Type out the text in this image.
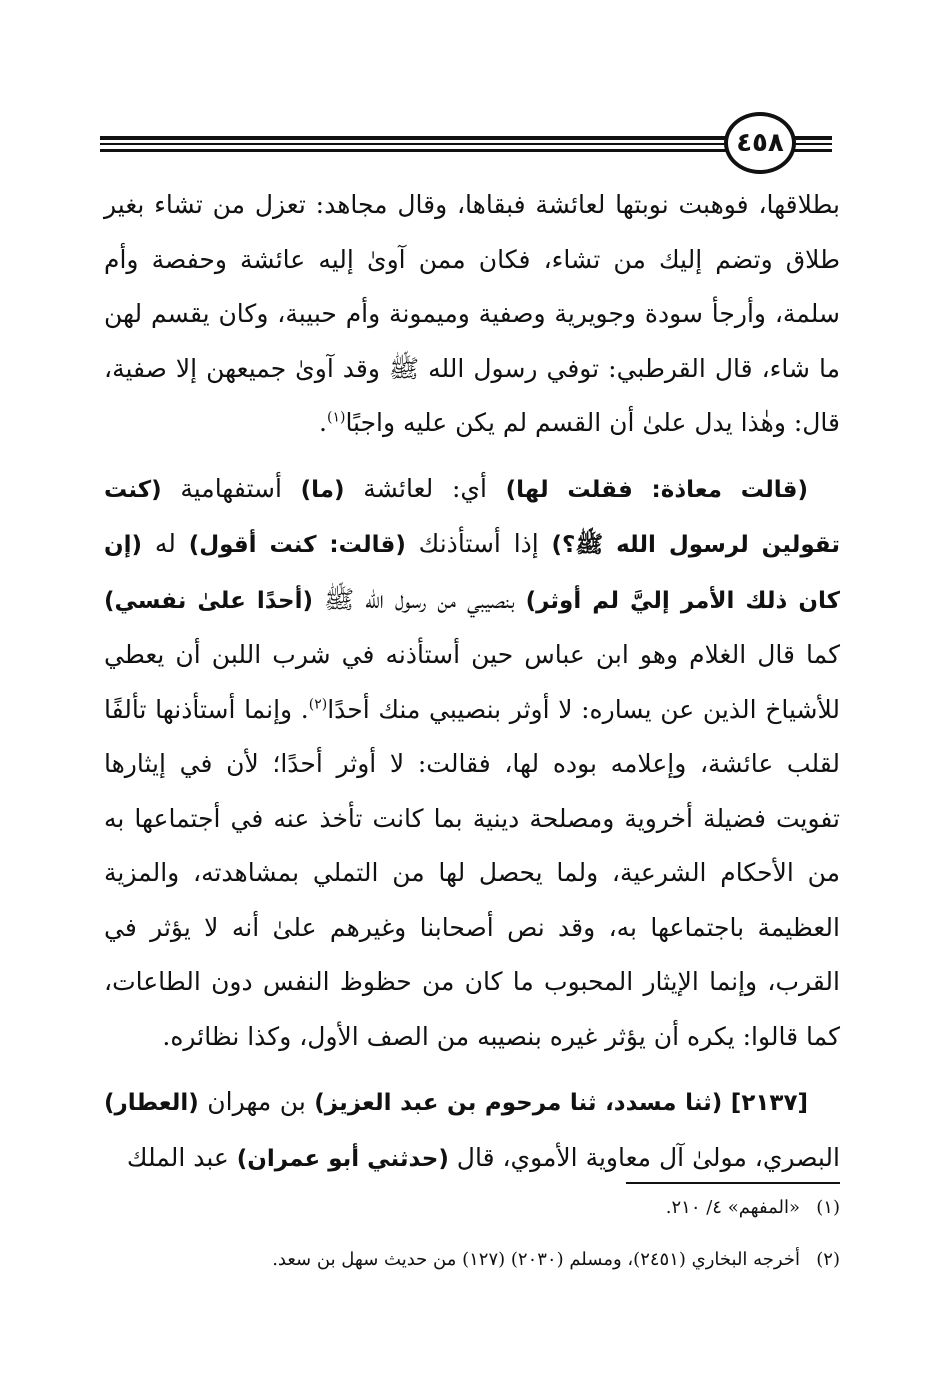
٤٥٨

بطلاقها، فوهبت نوبتها لعائشة فبقاها، وقال مجاهد: تعزل من تشاء بغير طلاق وتضم إليك من تشاء، فكان ممن آوىٰ إليه عائشة وحفصة وأم سلمة، وأرجأ سودة وجويرية وصفية وميمونة وأم حبيبة، وكان يقسم لهن ما شاء، قال القرطبي: توفي رسول الله ﷺ وقد آوىٰ جميعهن إلا صفية، قال: وهٰذا يدل علىٰ أن القسم لم يكن عليه واجبًا$^{(١)}$.

(قالت معاذة: فقلت لها) أي: لعائشة (ما) أستفهامية (كنت تقولين لرسول الله ﷺ؟) إذا أستأذنك (قالت: كنت أقول) له (إن كان ذلك الأمر إليَّ لم أوثر) بنصيبي من رسول الله ﷺ (أحدًا علىٰ نفسي) كما قال الغلام وهو ابن عباس حين أستأذنه في شرب اللبن أن يعطي للأشياخ الذين عن يساره: لا أوثر بنصيبي منك أحدًا$^{(٢)}$. وإنما أستأذنها تألفًا لقلب عائشة، وإعلامه بوده لها، فقالت: لا أوثر أحدًا؛ لأن في إيثارها تفويت فضيلة أخروية ومصلحة دينية بما كانت تأخذ عنه في أجتماعها به من الأحكام الشرعية، ولما يحصل لها من التملي بمشاهدته، والمزية العظيمة باجتماعها به، وقد نص أصحابنا وغيرهم علىٰ أنه لا يؤثر في القرب، وإنما الإيثار المحبوب ما كان من حظوظ النفس دون الطاعات، كما قالوا: يكره أن يؤثر غيره بنصيبه من الصف الأول، وكذا نظائره.

[٢١٣٧] (ثنا مسدد، ثنا مرحوم بن عبد العزيز) بن مهران (العطار) البصري، مولىٰ آل معاوية الأموي، قال (حدثني أبو عمران) عبد الملك

(١)«المفهم» ٤/ ٢١٠.
(٢)أخرجه البخاري (٢٤٥١)، ومسلم (٢٠٣٠) (١٢٧) من حديث سهل بن سعد.
